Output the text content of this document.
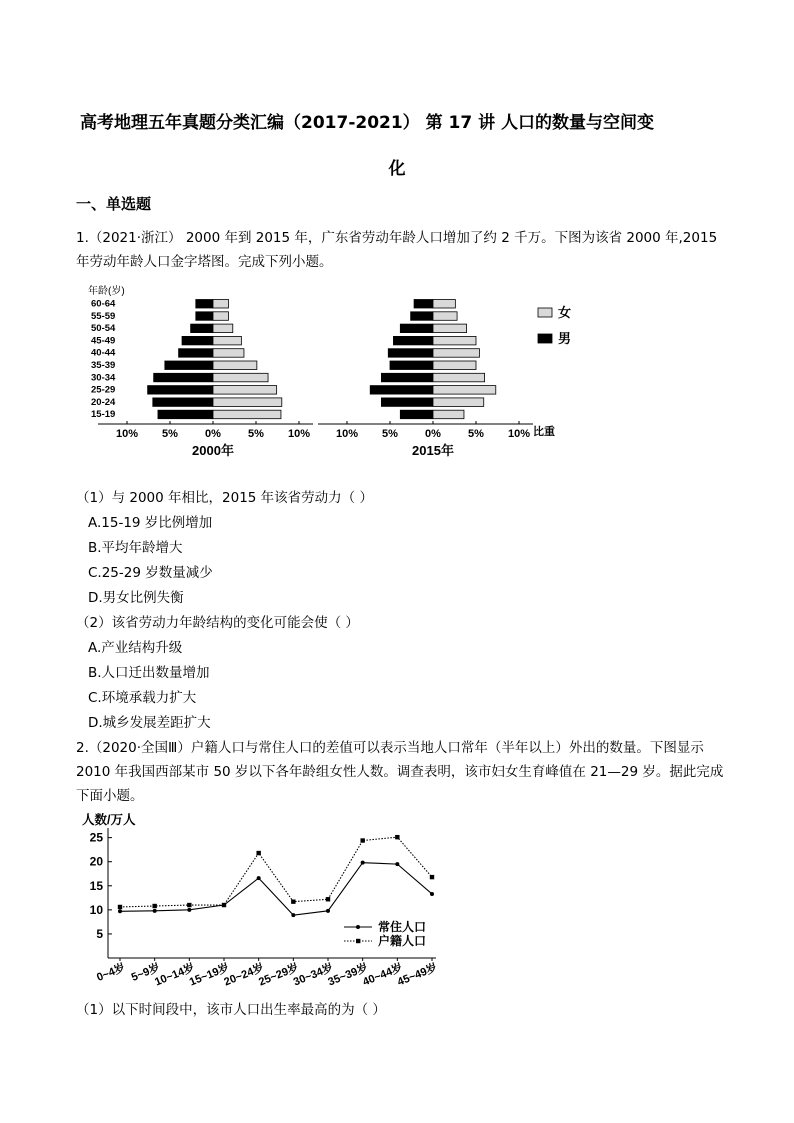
高考地理五年真题分类汇编（2017-2021） 第 17 讲 人口的数量与空间变
化
一、单选题
1.（2021·浙江） 2000 年到 2015 年，广东省劳动年龄人口增加了约 2 千万。下图为该省 2000 年,2015 年劳动年龄人口金字塔图。完成下列小题。
年龄(岁)
60-64
55-59
50-54
45-49
40-44
35-39
30-34
25-29
20-24
15-19
10% 5% 0% 5% 10%
2000年
10% 5% 0% 5% 10%
2015年
女
男
比重
（1）与 2000 年相比，2015 年该省劳动力（ ）
A.15-19 岁比例增加
B.平均年龄增大
C.25-29 岁数量减少
D.男女比例失衡
（2）该省劳动力年龄结构的变化可能会使（ ）
A.产业结构升级
B.人口迁出数量增加
C.环境承载力扩大
D.城乡发展差距扩大
2.（2020·全国Ⅲ）户籍人口与常住人口的差值可以表示当地人口常年（半年以上）外出的数量。下图显示 2010 年我国西部某市 50 岁以下各年龄组女性人数。调查表明，该市妇女生育峰值在 21—29 岁。据此完成下面小题。
人数/万人
5
10
15
20
25
0~4岁 5~9岁
10~14岁
15~19岁
20~24岁
25~29岁
30~34岁
35~39岁
40~44岁
45~49岁
常住人口
户籍人口
（1）以下时间段中，该市人口出生率最高的为（ ）
